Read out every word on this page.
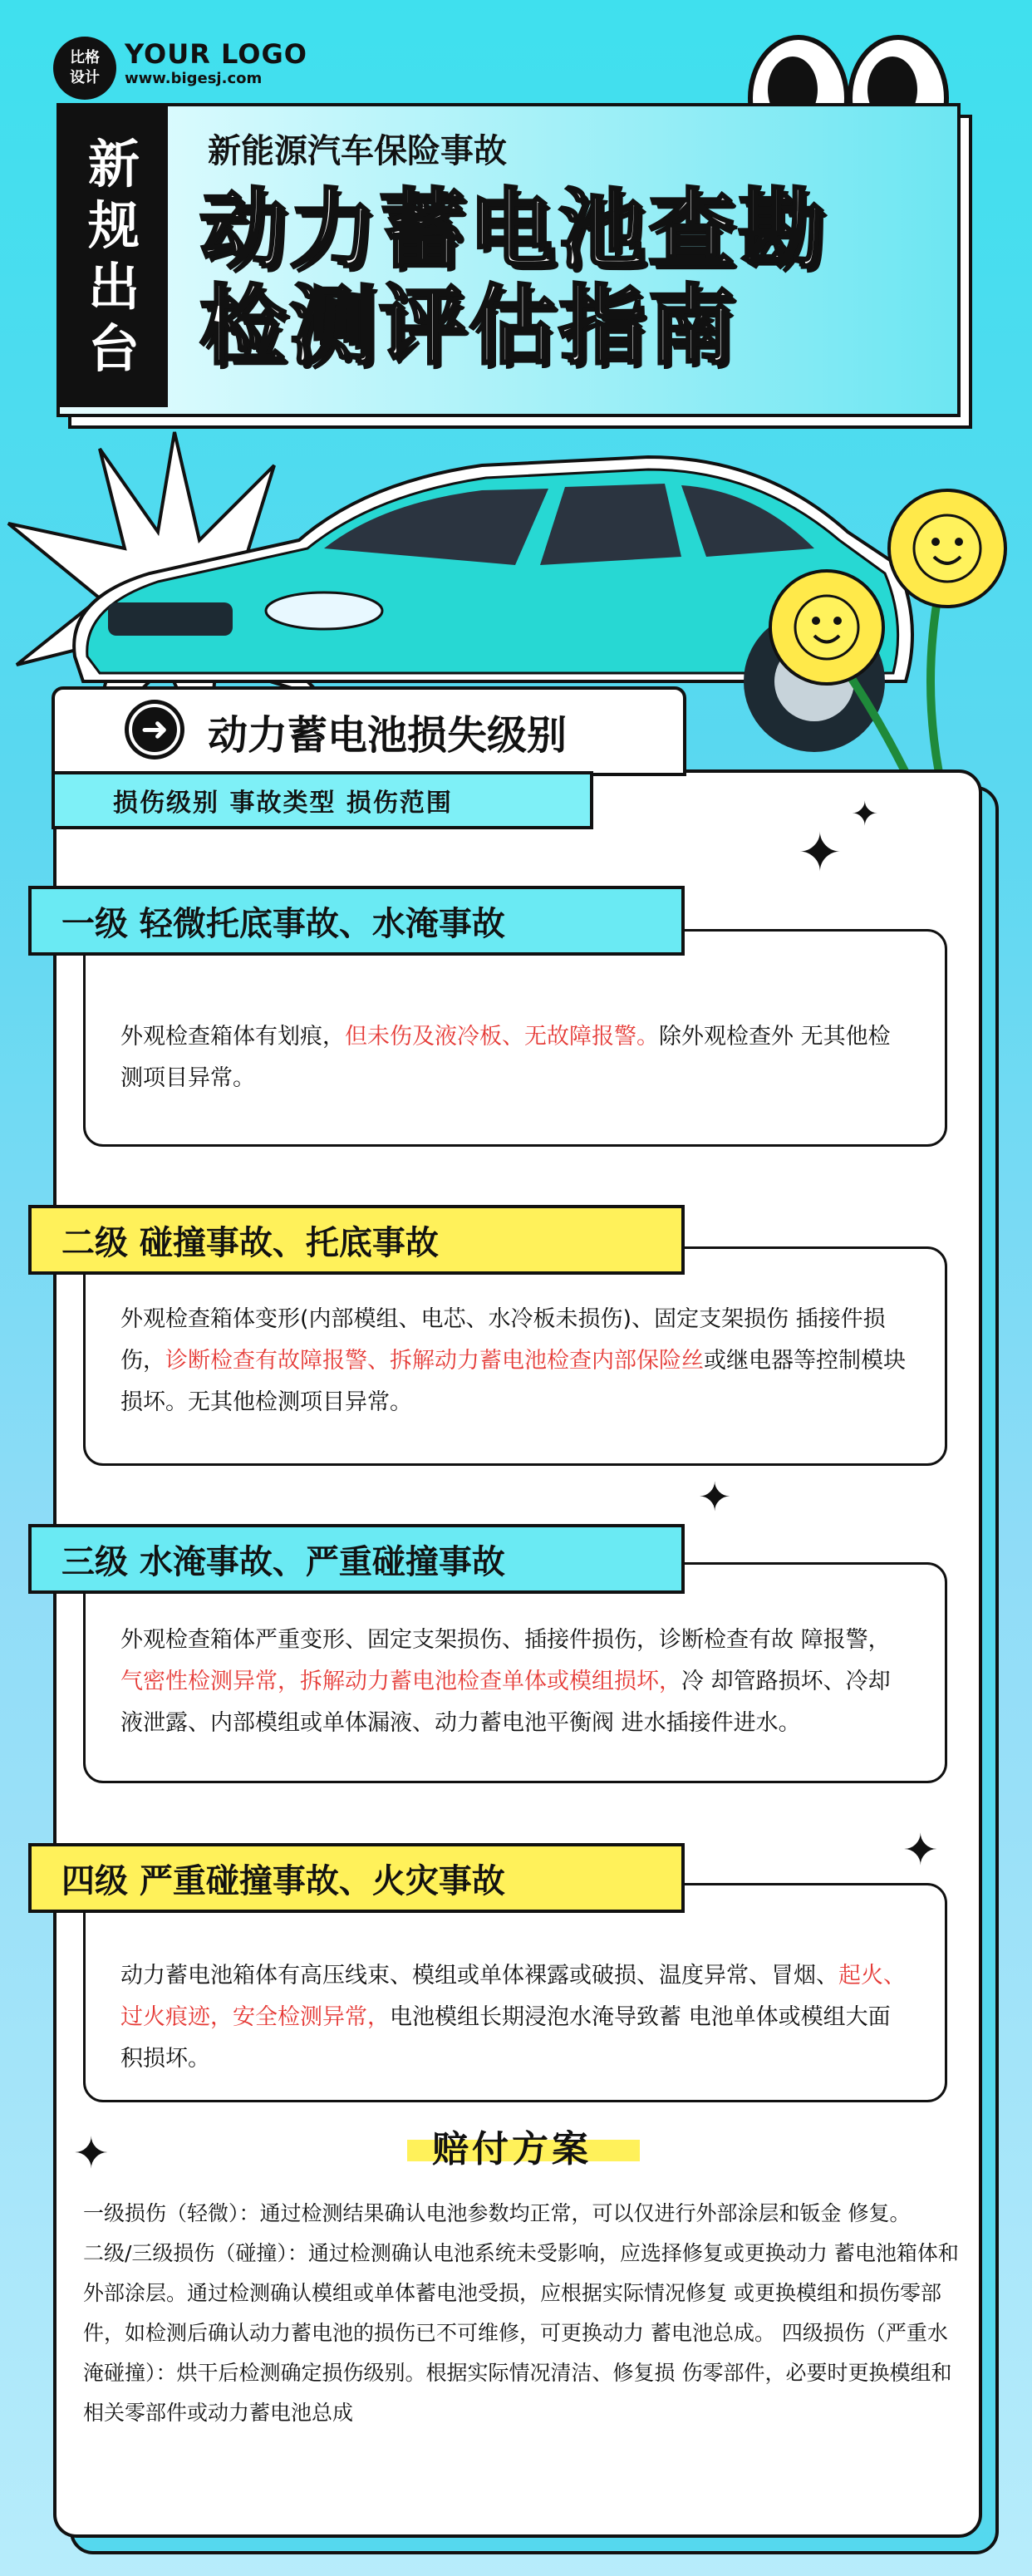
比格
设计
YOUR LOGO
www.bigesj.com
新
规
出
台
新能源汽车保险事故
动力蓄电池查勘
检测评估指南
➜ 动力蓄电池损失级别
损伤级别 事故类型 损伤范围
✦
✦
✦
✦
✦
外观检查箱体有划痕，但未伤及液冷板、无故障报警。除外观检查外 无其他检测项目异常。
一级 轻微托底事故、水淹事故
外观检查箱体变形(内部模组、电芯、水冷板未损伤)、固定支架损伤 插接件损伤，诊断检查有故障报警、拆解动力蓄电池检查内部保险丝或继电器等控制模块损坏。无其他检测项目异常。
二级 碰撞事故、托底事故
外观检查箱体严重变形、固定支架损伤、插接件损伤，诊断检查有故 障报警，气密性检测异常，拆解动力蓄电池检查单体或模组损坏，冷 却管路损坏、冷却液泄露、内部模组或单体漏液、动力蓄电池平衡阀 进水插接件进水。
三级 水淹事故、严重碰撞事故
动力蓄电池箱体有高压线束、模组或单体裸露或破损、温度异常、冒烟、起火、过火痕迹，安全检测异常，电池模组长期浸泡水淹导致蓄 电池单体或模组大面积损坏。
四级 严重碰撞事故、火灾事故
赔付方案
一级损伤（轻微）：通过检测结果确认电池参数均正常，可以仅进行外部涂层和钣金 修复。
二级/三级损伤（碰撞）：通过检测确认电池系统未受影响，应选择修复或更换动力 蓄电池箱体和外部涂层。通过检测确认模组或单体蓄电池受损，应根据实际情况修复 或更换模组和损伤零部件，如检测后确认动力蓄电池的损伤已不可维修，可更换动力 蓄电池总成。 四级损伤（严重水淹碰撞）：烘干后检测确定损伤级别。根据实际情况清洁、修复损 伤零部件，必要时更换模组和相关零部件或动力蓄电池总成
